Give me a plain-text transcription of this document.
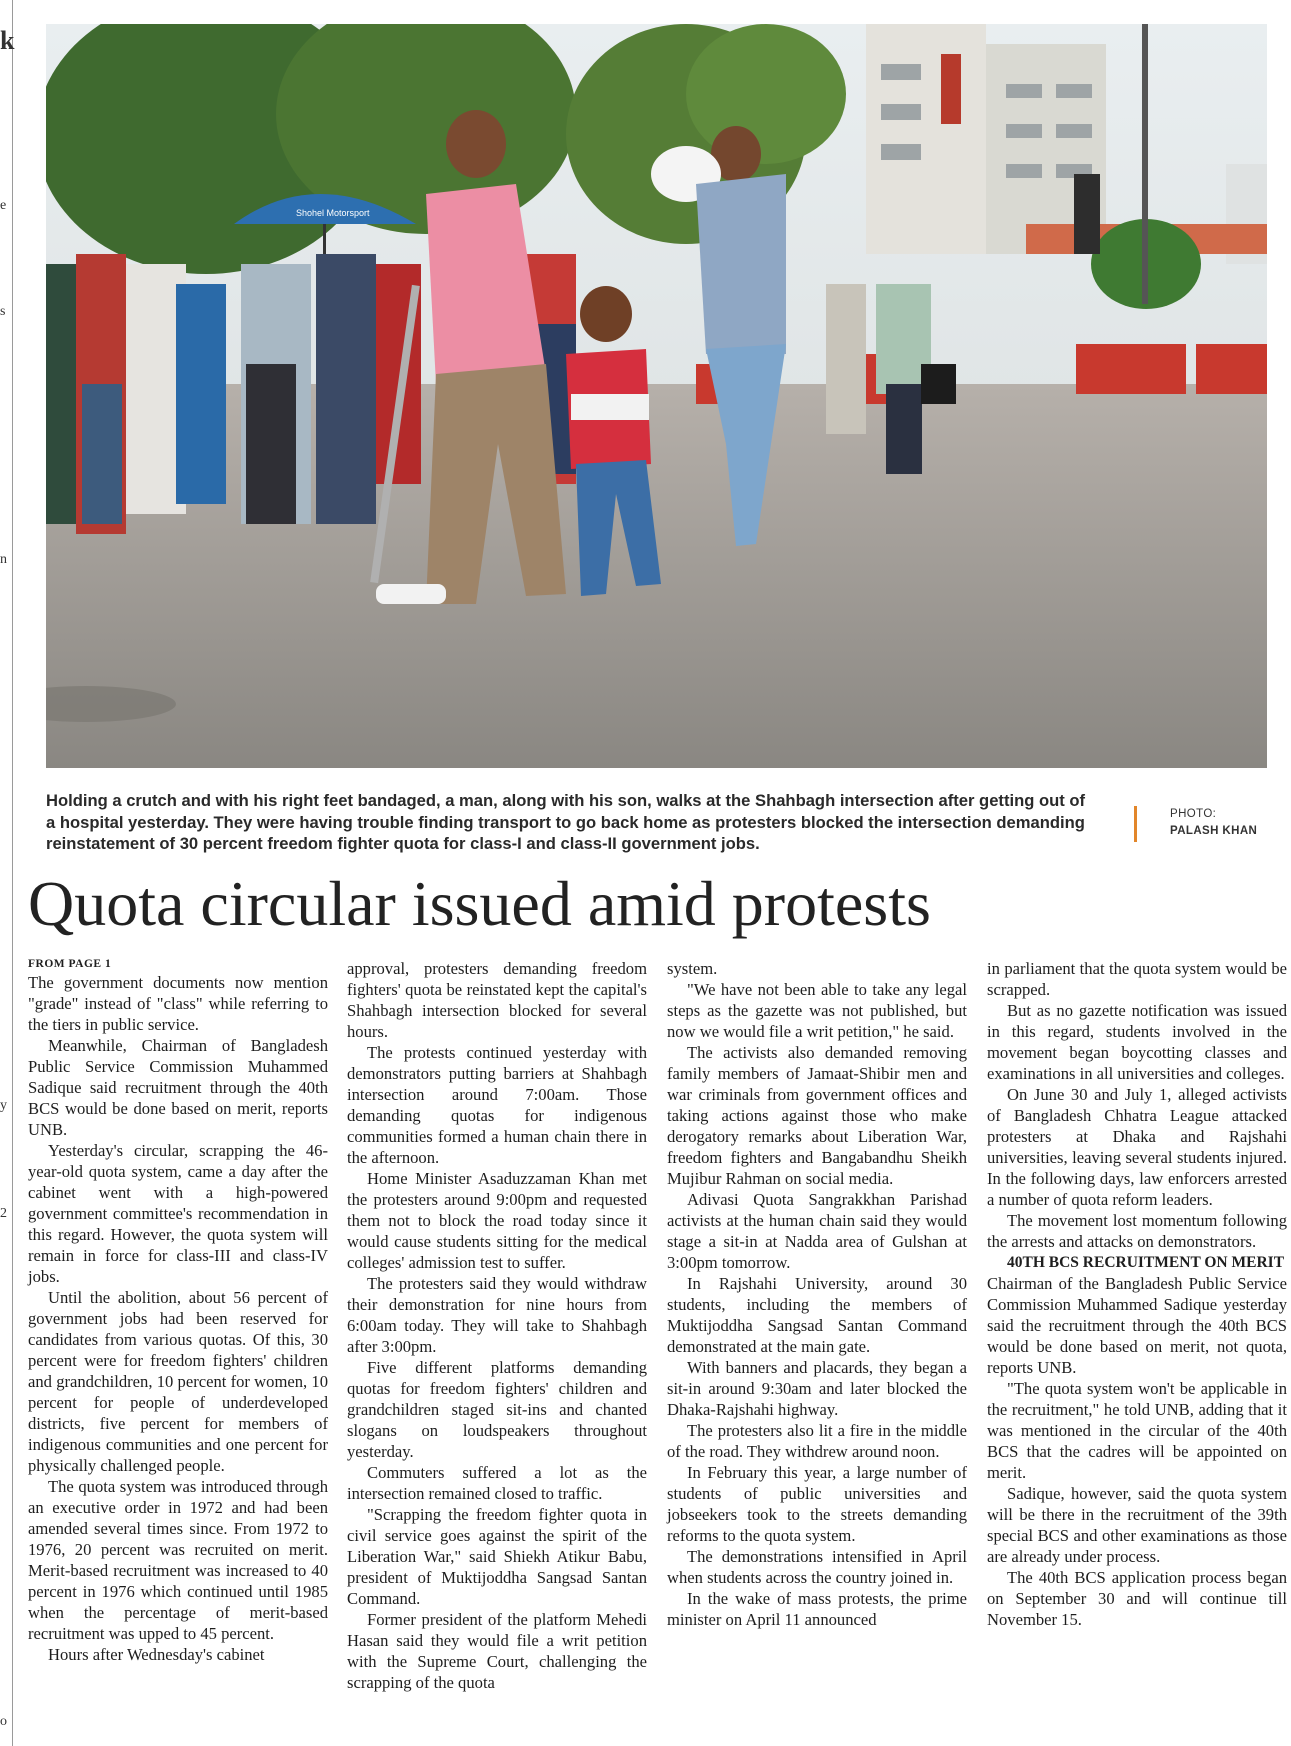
k
e
s
n
y
2
o
Shohel Motorsport
Holding a crutch and with his right feet bandaged, a man, along with his son, walks at the Shahbagh intersection after getting out of a hospital yesterday. They were having trouble finding transport to go back home as protesters blocked the intersection demanding reinstatement of 30 percent freedom fighter quota for class-I and class-II government jobs.
PHOTO:
PALASH KHAN
Quota circular issued amid protests
FROM PAGE 1

The government documents now mention "grade" instead of "class" while referring to the tiers in public service.

Meanwhile, Chairman of Bangladesh Public Service Commission Muhammed Sadique said recruitment through the 40th BCS would be done based on merit, reports UNB.

Yesterday's circular, scrapping the 46-year-old quota system, came a day after the cabinet went with a high-powered government committee's recommendation in this regard. However, the quota system will remain in force for class-III and class-IV jobs.

Until the abolition, about 56 percent of government jobs had been reserved for candidates from various quotas. Of this, 30 percent were for freedom fighters' children and grandchildren, 10 percent for women, 10 percent for people of underdeveloped districts, five percent for members of indigenous communities and one percent for physically challenged people.

The quota system was introduced through an executive order in 1972 and had been amended several times since. From 1972 to 1976, 20 percent was recruited on merit. Merit-based recruitment was increased to 40 percent in 1976 which continued until 1985 when the percentage of merit-based recruitment was upped to 45 percent.

Hours after Wednesday's cabinet

approval, protesters demanding freedom fighters' quota be reinstated kept the capital's Shahbagh intersection blocked for several hours.

The protests continued yesterday with demonstrators putting barriers at Shahbagh intersection around 7:00am. Those demanding quotas for indigenous communities formed a human chain there in the afternoon.

Home Minister Asaduzzaman Khan met the protesters around 9:00pm and requested them not to block the road today since it would cause students sitting for the medical colleges' admission test to suffer.

The protesters said they would withdraw their demonstration for nine hours from 6:00am today. They will take to Shahbagh after 3:00pm.

Five different platforms demanding quotas for freedom fighters' children and grandchildren staged sit-ins and chanted slogans on loudspeakers throughout yesterday.

Commuters suffered a lot as the intersection remained closed to traffic.

"Scrapping the freedom fighter quota in civil service goes against the spirit of the Liberation War," said Shiekh Atikur Babu, president of Muktijoddha Sangsad Santan Command.

Former president of the platform Mehedi Hasan said they would file a writ petition with the Supreme Court, challenging the scrapping of the quota

system.

"We have not been able to take any legal steps as the gazette was not published, but now we would file a writ petition," he said.

The activists also demanded removing family members of Jamaat-Shibir men and war criminals from government offices and taking actions against those who make derogatory remarks about Liberation War, freedom fighters and Bangabandhu Sheikh Mujibur Rahman on social media.

Adivasi Quota Sangrakkhan Parishad activists at the human chain said they would stage a sit-in at Nadda area of Gulshan at 3:00pm tomorrow.

In Rajshahi University, around 30 students, including the members of Muktijoddha Sangsad Santan Command demonstrated at the main gate.

With banners and placards, they began a sit-in around 9:30am and later blocked the Dhaka-Rajshahi highway.

The protesters also lit a fire in the middle of the road. They withdrew around noon.

In February this year, a large number of students of public universities and jobseekers took to the streets demanding reforms to the quota system.

The demonstrations intensified in April when students across the country joined in.

In the wake of mass protests, the prime minister on April 11 announced

in parliament that the quota system would be scrapped.

But as no gazette notification was issued in this regard, students involved in the movement began boycotting classes and examinations in all universities and colleges.

On June 30 and July 1, alleged activists of Bangladesh Chhatra League attacked protesters at Dhaka and Rajshahi universities, leaving several students injured. In the following days, law enforcers arrested a number of quota reform leaders.

The movement lost momentum following the arrests and attacks on demonstrators.

40TH BCS RECRUITMENT ON MERIT

Chairman of the Bangladesh Public Service Commission Muhammed Sadique yesterday said the recruitment through the 40th BCS would be done based on merit, not quota, reports UNB.

"The quota system won't be applicable in the recruitment," he told UNB, adding that it was mentioned in the circular of the 40th BCS that the cadres will be appointed on merit.

Sadique, however, said the quota system will be there in the recruitment of the 39th special BCS and other examinations as those are already under process.

The 40th BCS application process began on September 30 and will continue till November 15.
